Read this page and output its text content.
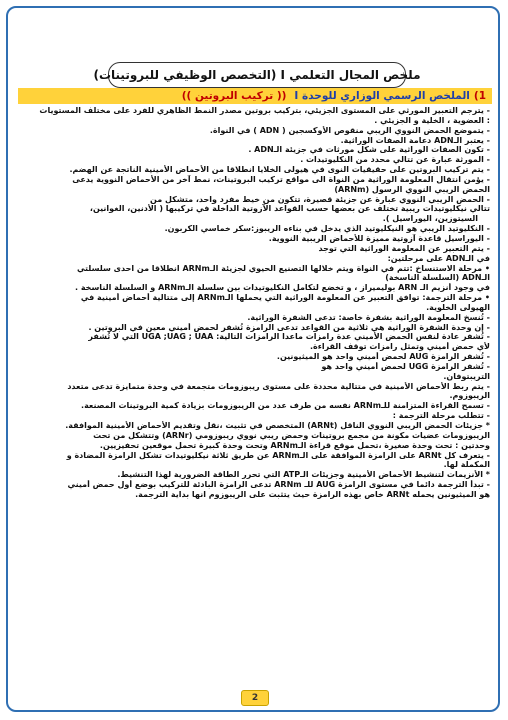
ملخص المجال التعلمي I (التخصص الوظيفي للبروتينات)
1)
الملخص الرسمي الوزاري للوحدة I
(( تركيب البروتين ))

- يترجم التعبير المورثي على المستوى الجزيئي، بتركيب بروتين مصدر النمط الظاهري للفرد على مختلف المستويات

: العضوية ، الخلية و الجزيئي .

- يتموضع الحمض النووي الريبي منقوص الأوكسجين ( ADN ) في النواة.

- يعتبر الـADN دعامة الصفات الوراثية.

- تكون الصفات الوراثية على شكل مورثات في جزيئة الـADN .

- المورثة عبارة عن تتالي محدد من النكليوتيدات .

- يتم تركيب البروتين على حقيقيات النوى في هيولى الخلايا انطلاقا من الأحماض الأمينية الناتجة عن الهضم.

- يؤمن انتقال المعلومة الوراثية من النواة الى مواقع تركيب البروتينات، نمط آخر من الأحماض النووية يدعى

الحمض الريبي النووي الرسول (ARNm)

- الحمض الريبي النووي عبارة عن جزيئة قصيرة، تتكون من خيط مفرد واحد، متشكل من

تتالي نيكليوتيدات ريبية تختلف عن بعضها حسب القواعد الآزوتية الداخلة في تركيبها ( الأدنين، الغوانين،

السيتوزين، اليوراسيل ).

- النكليوتيد الريبي هو النيكليوتيد الذي يدخل في بناءه الريبوز:سكر خماسي الكربون.

- اليوراسيل قاعدة آزوتية مميزة للأحماض الريبية النووية.

- يتم التعبير عن المعلومة الوراثية التي توجد

في الـADN على مرحلتين:

• مرحلة الاستنساخ :تتم في النواة ويتم خلالها التصنيع الحيوي لجزيئة الـARNm انطلاقا من احدى سلسلتي

الـADN (السلسلة الناسخة)

في وجود أنزيم الـ ARN بوليميراز ، و تخضع لتكامل النكليوتيدات بين سلسلة الـARNm و السلسلة الناسخة .

• مرحلة الترجمة: توافق التعبير عن المعلومة الوراثية التي يحملها الـARNm إلى متتالية أحماض أمينية في

الهيولى الخلوية.

- تُنسخ المعلومة الوراثية بشفرة خاصة: تدعى الشفرة الوراثية.

- إن وحدة الشفرة الوراثية هي ثلاثية من القواعد تدعى الرامزة تُشفر لحمض أميني معين في البروتين .

- تُشفر عادة لنفس الحمض الأميني عدة رامزات ماعدا الرامزات التالية: UGA ;UAG ; UAA التي لا تُشفر

لأي حمض أميني وتمثل رامزات توقف القراءة.

- تُشفر الرامزة AUG لحمض أميني واحد هو الميثيونين.

- تُشفر الرامزة UGG لحمض أميني واحد هو

التريبتوفان.

- يتم ربط الأحماض الأمينية في متتالية محددة على مستوى ريبوزومات متجمعة في وحدة متمايزة تدعى متعدد

الريبوزوم.

- تسمح القراءة المتزامنة للـARNm نفسه من طرف عدد من الريبوزومات بزيادة كمية البروتينات المصنعة.

- تتطلب مرحلة الترجمة :

* جزيئات الحمض الريبي النووي الناقل (ARNt) المتخصص في تثبيت ،نقل وتقديم الأحماض الأمينية الموافقة.

الريبوزومات عضيات مكونة من مجمع بروتينات وحمض ريبي نووي ريبوزومي (ARNr) وتتشكل من تحت

وحدتين : تحت وحدة صغيرة ،تحمل موقع قراءة الـARNm وتحت وحدة كبيرة تحمل موقعين تحفيزيين.

- يتعرف كل ARNt على الرامزة الموافقة على الـARNm عن طريق ثلاثة نيكليوتيدات تشكل الرامزة المضادة و

المكملة لها.

* الأنزيمات لتنشيط الأحماض الأمينية وجزيئات الـATP التي تحرر الطاقة الضرورية لهذا التنشيط.

- تبدأ الترجمة دائما في مستوى الرامزة AUG للـ ARNm تدعى الرامزة البادئة للتركيب بوضع أول حمض أميني

هو الميثيونين يحمله ARNt خاص بهذه الرامزة حيث يتثبت على الريبوزوم انها بداية الترجمة.

2
